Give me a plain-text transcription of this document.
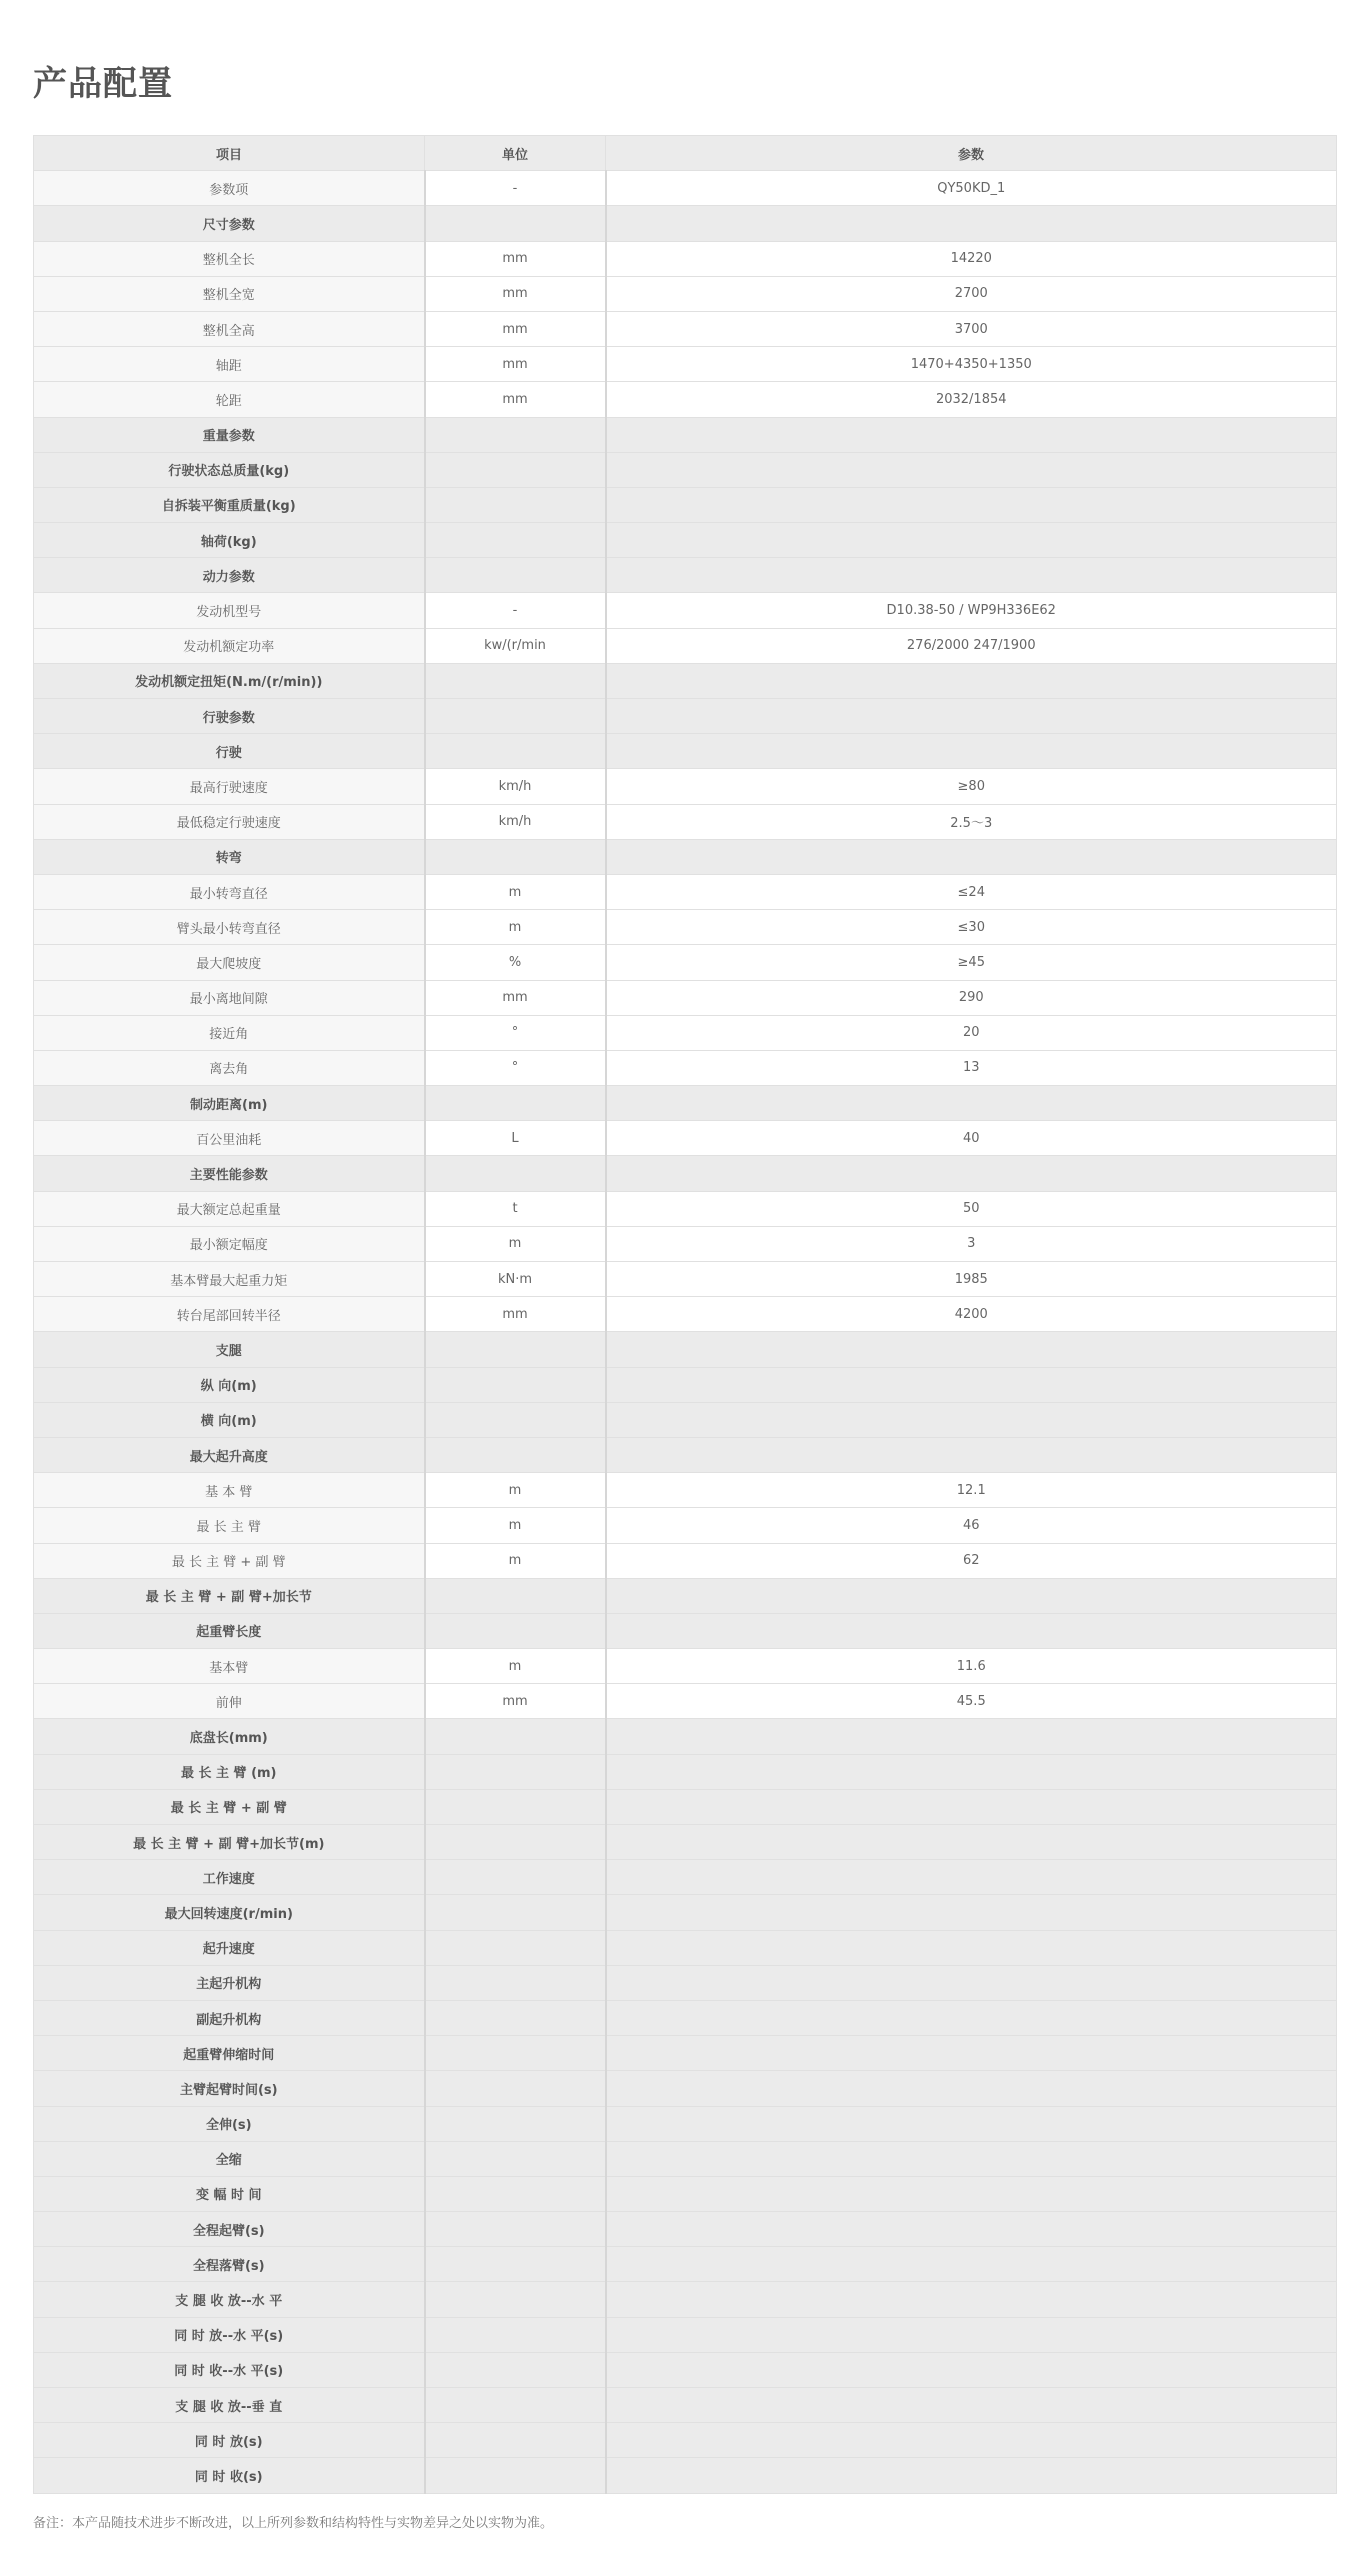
产品配置
项目	单位	参数
参数项	-	QY50KD_1
尺寸参数		
整机全长	mm	14220
整机全宽	mm	2700
整机全高	mm	3700
轴距	mm	1470+4350+1350
轮距	mm	2032/1854
重量参数		
行驶状态总质量(kg)		
自拆装平衡重质量(kg)		
轴荷(kg)		
动力参数		
发动机型号	-	D10.38-50 / WP9H336E62
发动机额定功率	kw/(r/min	276/2000 247/1900
发动机额定扭矩(N.m/(r/min))		
行驶参数		
行驶		
最高行驶速度	km/h	≥80
最低稳定行驶速度	km/h	2.5～3
转弯		
最小转弯直径	m	≤24
臂头最小转弯直径	m	≤30
最大爬坡度	%	≥45
最小离地间隙	mm	290
接近角	°	20
离去角	°	13
制动距离(m)		
百公里油耗	L	40
主要性能参数		
最大额定总起重量	t	50
最小额定幅度	m	3
基本臂最大起重力矩	kN·m	1985
转台尾部回转半径	mm	4200
支腿		
纵 向(m)		
横 向(m)		
最大起升高度		
基 本 臂	m	12.1
最 长 主 臂	m	46
最 长 主 臂 + 副 臂	m	62
最 长 主 臂 + 副 臂+加长节		
起重臂长度		
基本臂	m	11.6
前伸	mm	45.5
底盘长(mm)		
最 长 主 臂 (m)		
最 长 主 臂 + 副 臂		
最 长 主 臂 + 副 臂+加长节(m)		
工作速度		
最大回转速度(r/min)		
起升速度		
主起升机构		
副起升机构		
起重臂伸缩时间		
主臂起臂时间(s)		
全伸(s)		
全缩		
变 幅 时 间		
全程起臂(s)		
全程落臂(s)		
支 腿 收 放--水 平		
同 时 放--水 平(s)		
同 时 收--水 平(s)		
支 腿 收 放--垂 直		
同 时 放(s)		
同 时 收(s)		

备注：本产品随技术进步不断改进，以上所列参数和结构特性与实物差异之处以实物为准。
